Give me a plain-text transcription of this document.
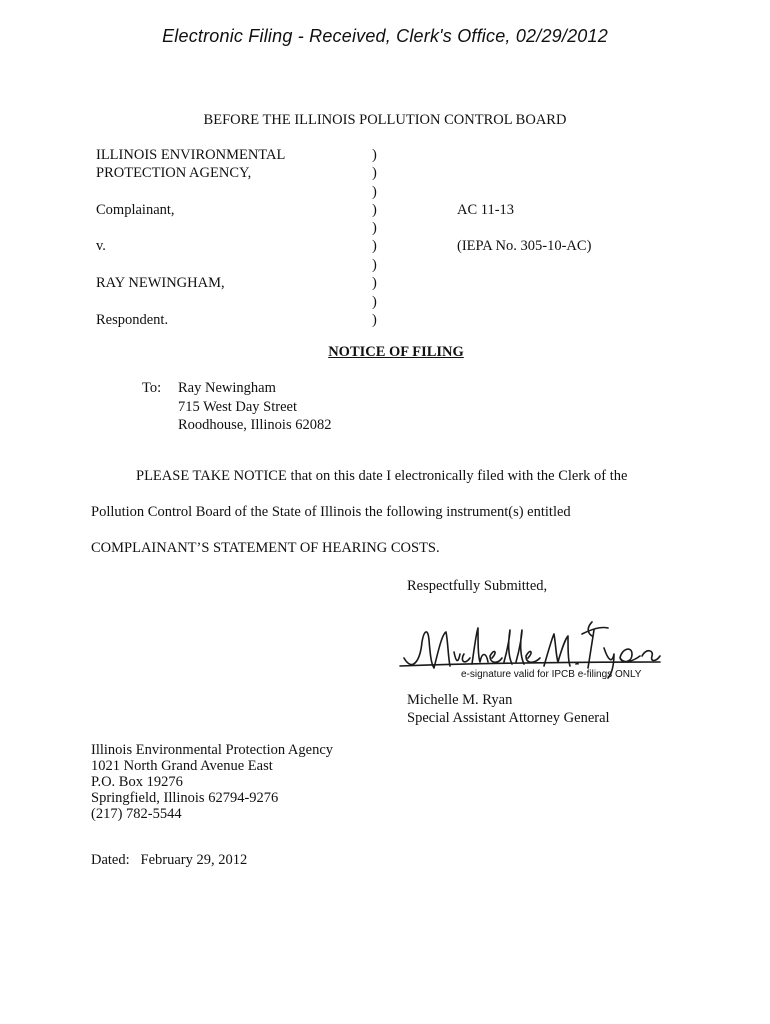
Electronic Filing - Received, Clerk's Office, 02/29/2012
BEFORE THE ILLINOIS POLLUTION CONTROL BOARD
ILLINOIS ENVIRONMENTAL
PROTECTION AGENCY,
Complainant,
v.
RAY NEWINGHAM,
Respondent.
)
)
)
)
)
)
)
)
)
)
AC 11-13
(IEPA No. 305-10-AC)
NOTICE OF FILING
To: Ray Newingham
715 West Day Street
Roodhouse, Illinois 62082
PLEASE TAKE NOTICE that on this date I electronically filed with the Clerk of the
Pollution Control Board of the State of Illinois the following instrument(s) entitled
COMPLAINANT’S STATEMENT OF HEARING COSTS.
Respectfully Submitted,
e-signature valid for IPCB e-filings ONLY
Michelle M. Ryan
Special Assistant Attorney General
Illinois Environmental Protection Agency
1021 North Grand Avenue East
P.O. Box 19276
Springfield, Illinois 62794-9276
(217) 782-5544
Dated:   February 29, 2012
